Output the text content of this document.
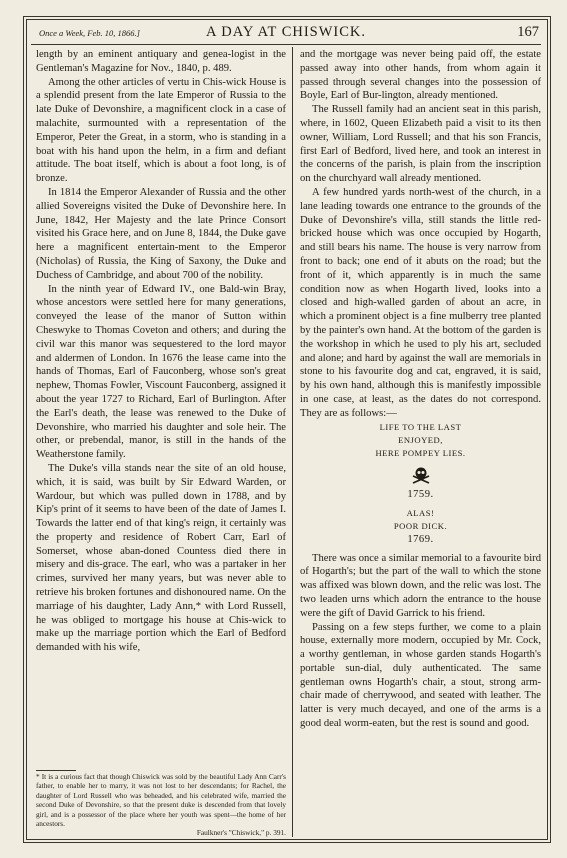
Once a Week, Feb. 10, 1866.]	A DAY AT CHISWICK.	167

length by an eminent antiquary and genea-logist in the Gentleman's Magazine for Nov., 1840, p. 489.

Among the other articles of vertu in Chis-wick House is a splendid present from the late Emperor of Russia to the late Duke of Devonshire, a magnificent clock in a case of malachite, surmounted with a representation of the Emperor, Peter the Great, in a storm, who is standing in a boat with his hand upon the helm, in a firm and defiant attitude. The boat itself, which is about a foot long, is of bronze.

In 1814 the Emperor Alexander of Russia and the other allied Sovereigns visited the Duke of Devonshire here. In June, 1842, Her Majesty and the late Prince Consort visited his Grace here, and on June 8, 1844, the Duke gave here a magnificent entertain-ment to the Emperor (Nicholas) of Russia, the King of Saxony, the Duke and Duchess of Cambridge, and about 700 of the nobility.

In the ninth year of Edward IV., one Bald-win Bray, whose ancestors were settled here for many generations, conveyed the lease of the manor of Sutton within Cheswyke to Thomas Coveton and others; and during the civil war this manor was sequestered to the lord mayor and aldermen of London. In 1676 the lease came into the hands of Thomas, Earl of Fauconberg, whose son's great nephew, Thomas Fowler, Viscount Fauconberg, assigned it about the year 1727 to Richard, Earl of Burlington. After the Earl's death, the lease was renewed to the Duke of Devonshire, who married his daughter and sole heir. The other, or prebendal, manor, is still in the hands of the Weatherstone family.

The Duke's villa stands near the site of an old house, which, it is said, was built by Sir Edward Warden, or Wardour, but which was pulled down in 1788, and by Kip's print of it seems to have been of the date of James I. Towards the latter end of that king's reign, it certainly was the property and residence of Robert Carr, Earl of Somerset, whose aban-doned Countess died there in misery and dis-grace. The earl, who was a partaker in her crimes, survived her many years, but was never able to retrieve his broken fortunes and dishonoured name. On the marriage of his daughter, Lady Ann,* with Lord Russell, he was obliged to mortgage his house at Chis-wick to make up the marriage portion which the Earl of Bedford demanded with his wife,

* It is a curious fact that though Chiswick was sold by the beautiful Lady Ann Carr's father, to enable her to marry, it was not lost to her descendants; for Rachel, the daughter of Lord Russell who was beheaded, and his celebrated wife, married the second Duke of Devonshire, so that the present duke is descended from that lovely girl, and is a possessor of the place where her youth was spent—the home of her ancestors.
Faulkner's "Chiswick," p. 391.

and the mortgage was never being paid off, the estate passed away into other hands, from whom again it passed through several changes into the possession of Boyle, Earl of Bur-lington, already mentioned.

The Russell family had an ancient seat in this parish, where, in 1602, Queen Elizabeth paid a visit to its then owner, William, Lord Russell; and that his son Francis, first Earl of Bedford, lived here, and took an interest in the concerns of the parish, is plain from the inscription on the churchyard wall already mentioned.

A few hundred yards north-west of the church, in a lane leading towards one entrance to the grounds of the Duke of Devonshire's villa, still stands the little red-bricked house which was once occupied by Hogarth, and still bears his name. The house is very narrow from front to back; one end of it abuts on the road; but the front of it, which apparently is in much the same condition now as when Hogarth lived, looks into a closed and high-walled garden of about an acre, in which a prominent object is a fine mulberry tree planted by the painter's own hand. At the bottom of the garden is the workshop in which he used to ply his art, secluded and alone; and hard by against the wall are memorials in stone to his favourite dog and cat, engraved, it is said, by his own hand, although this is manifestly impossible in one case, at least, as the dates do not correspond. They are as follows:—

LIFE TO THE LAST
ENJOYED,
HERE POMPEY LIES.
1759.
ALAS!
POOR DICK.
1769.

There was once a similar memorial to a favourite bird of Hogarth's; but the part of the wall to which the stone was affixed was blown down, and the relic was lost. The two leaden urns which adorn the entrance to the house were the gift of David Garrick to his friend.

Passing on a few steps further, we come to a plain house, externally more modern, occupied by Mr. Cock, a worthy gentleman, in whose garden stands Hogarth's portable sun-dial, duly authenticated. The same gentleman owns Hogarth's chair, a stout, strong arm-chair made of cherrywood, and seated with leather. The latter is very much decayed, and one of the arms is a good deal worm-eaten, but the rest is sound and good.
